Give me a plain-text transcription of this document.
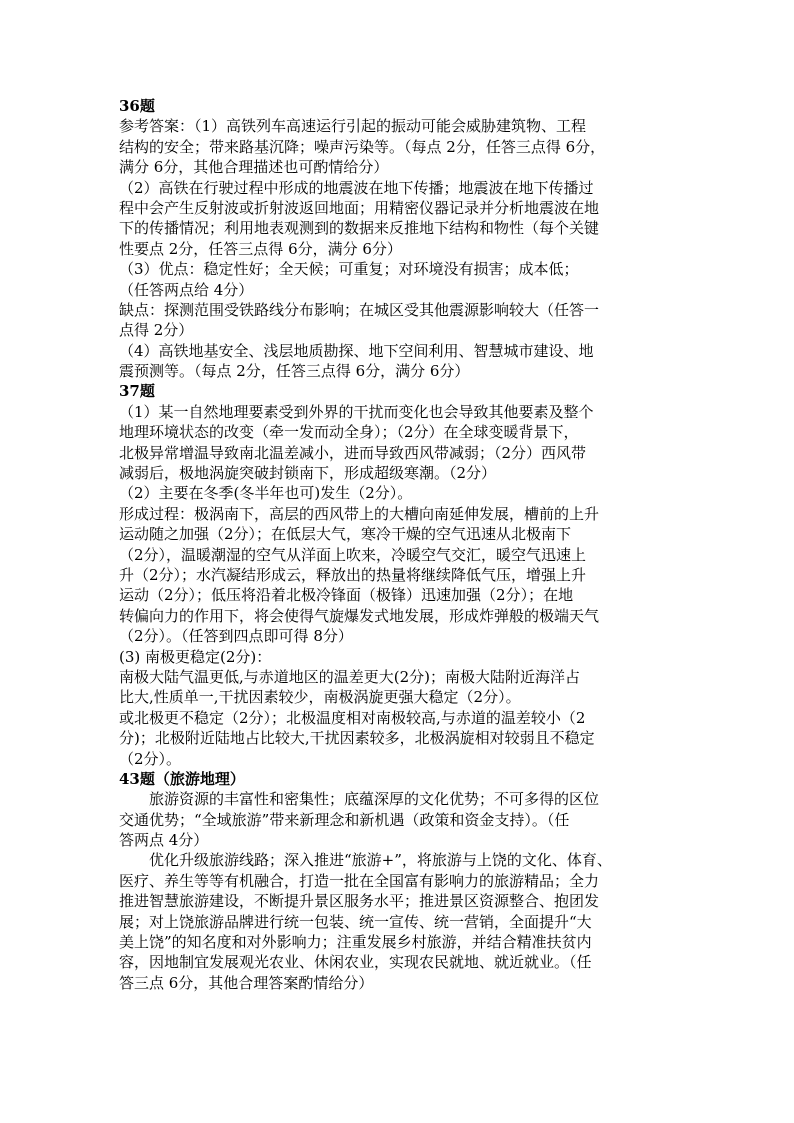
36题
参考答案：（1）高铁列车高速运行引起的振动可能会威胁建筑物、工程
结构的安全；带来路基沉降；噪声污染等。（每点 2分，任答三点得 6分，
满分 6分，其他合理描述也可酌情给分）
（2）高铁在行驶过程中形成的地震波在地下传播；地震波在地下传播过
程中会产生反射波或折射波返回地面；用精密仪器记录并分析地震波在地
下的传播情况；利用地表观测到的数据来反推地下结构和物性（每个关键
性要点 2分，任答三点得 6分，满分 6分）
（3）优点：稳定性好；全天候；可重复；对环境没有损害；成本低；
（任答两点给 4分）
缺点：探测范围受铁路线分布影响；在城区受其他震源影响较大（任答一
点得 2分）
（4）高铁地基安全、浅层地质勘探、地下空间利用、智慧城市建设、地
震预测等。（每点 2分，任答三点得 6分，满分 6分）
37题
（1）某一自然地理要素受到外界的干扰而变化也会导致其他要素及整个
地理环境状态的改变（牵一发而动全身）；（2分）在全球变暖背景下，
北极异常增温导致南北温差减小，进而导致西风带减弱；（2分）西风带
减弱后，极地涡旋突破封锁南下，形成超级寒潮。（2分）
（2）主要在冬季(冬半年也可)发生（2分）。
形成过程：极涡南下，高层的西风带上的大槽向南延伸发展，槽前的上升
运动随之加强（2分）；在低层大气，寒冷干燥的空气迅速从北极南下
（2分），温暖潮湿的空气从洋面上吹来，冷暖空气交汇，暖空气迅速上
升（2分）；水汽凝结形成云，释放出的热量将继续降低气压，增强上升
运动（2分）；低压将沿着北极冷锋面（极锋）迅速加强（2分）；在地
转偏向力的作用下，将会使得气旋爆发式地发展，形成炸弹般的极端天气
（2分）。（任答到四点即可得 8分）
(3) 南极更稳定(2分)：
南极大陆气温更低,与赤道地区的温差更大(2分)；南极大陆附近海洋占
比大,性质单一,干扰因素较少，南极涡旋更强大稳定（2分）。
或北极更不稳定（2分）；北极温度相对南极较高,与赤道的温差较小（2
分)；北极附近陆地占比较大,干扰因素较多，北极涡旋相对较弱且不稳定
（2分）。
43题（旅游地理）
旅游资源的丰富性和密集性；底蕴深厚的文化优势；不可多得的区位
交通优势；“全域旅游”带来新理念和新机遇（政策和资金支持）。（任
答两点 4分）
优化升级旅游线路；深入推进“旅游+”，将旅游与上饶的文化、体育、
医疗、养生等等有机融合，打造一批在全国富有影响力的旅游精品；全力
推进智慧旅游建设，不断提升景区服务水平；推进景区资源整合、抱团发
展；对上饶旅游品牌进行统一包装、统一宣传、统一营销，全面提升“大
美上饶”的知名度和对外影响力；注重发展乡村旅游，并结合精准扶贫内
容，因地制宜发展观光农业、休闲农业，实现农民就地、就近就业。（任
答三点 6分，其他合理答案酌情给分）
